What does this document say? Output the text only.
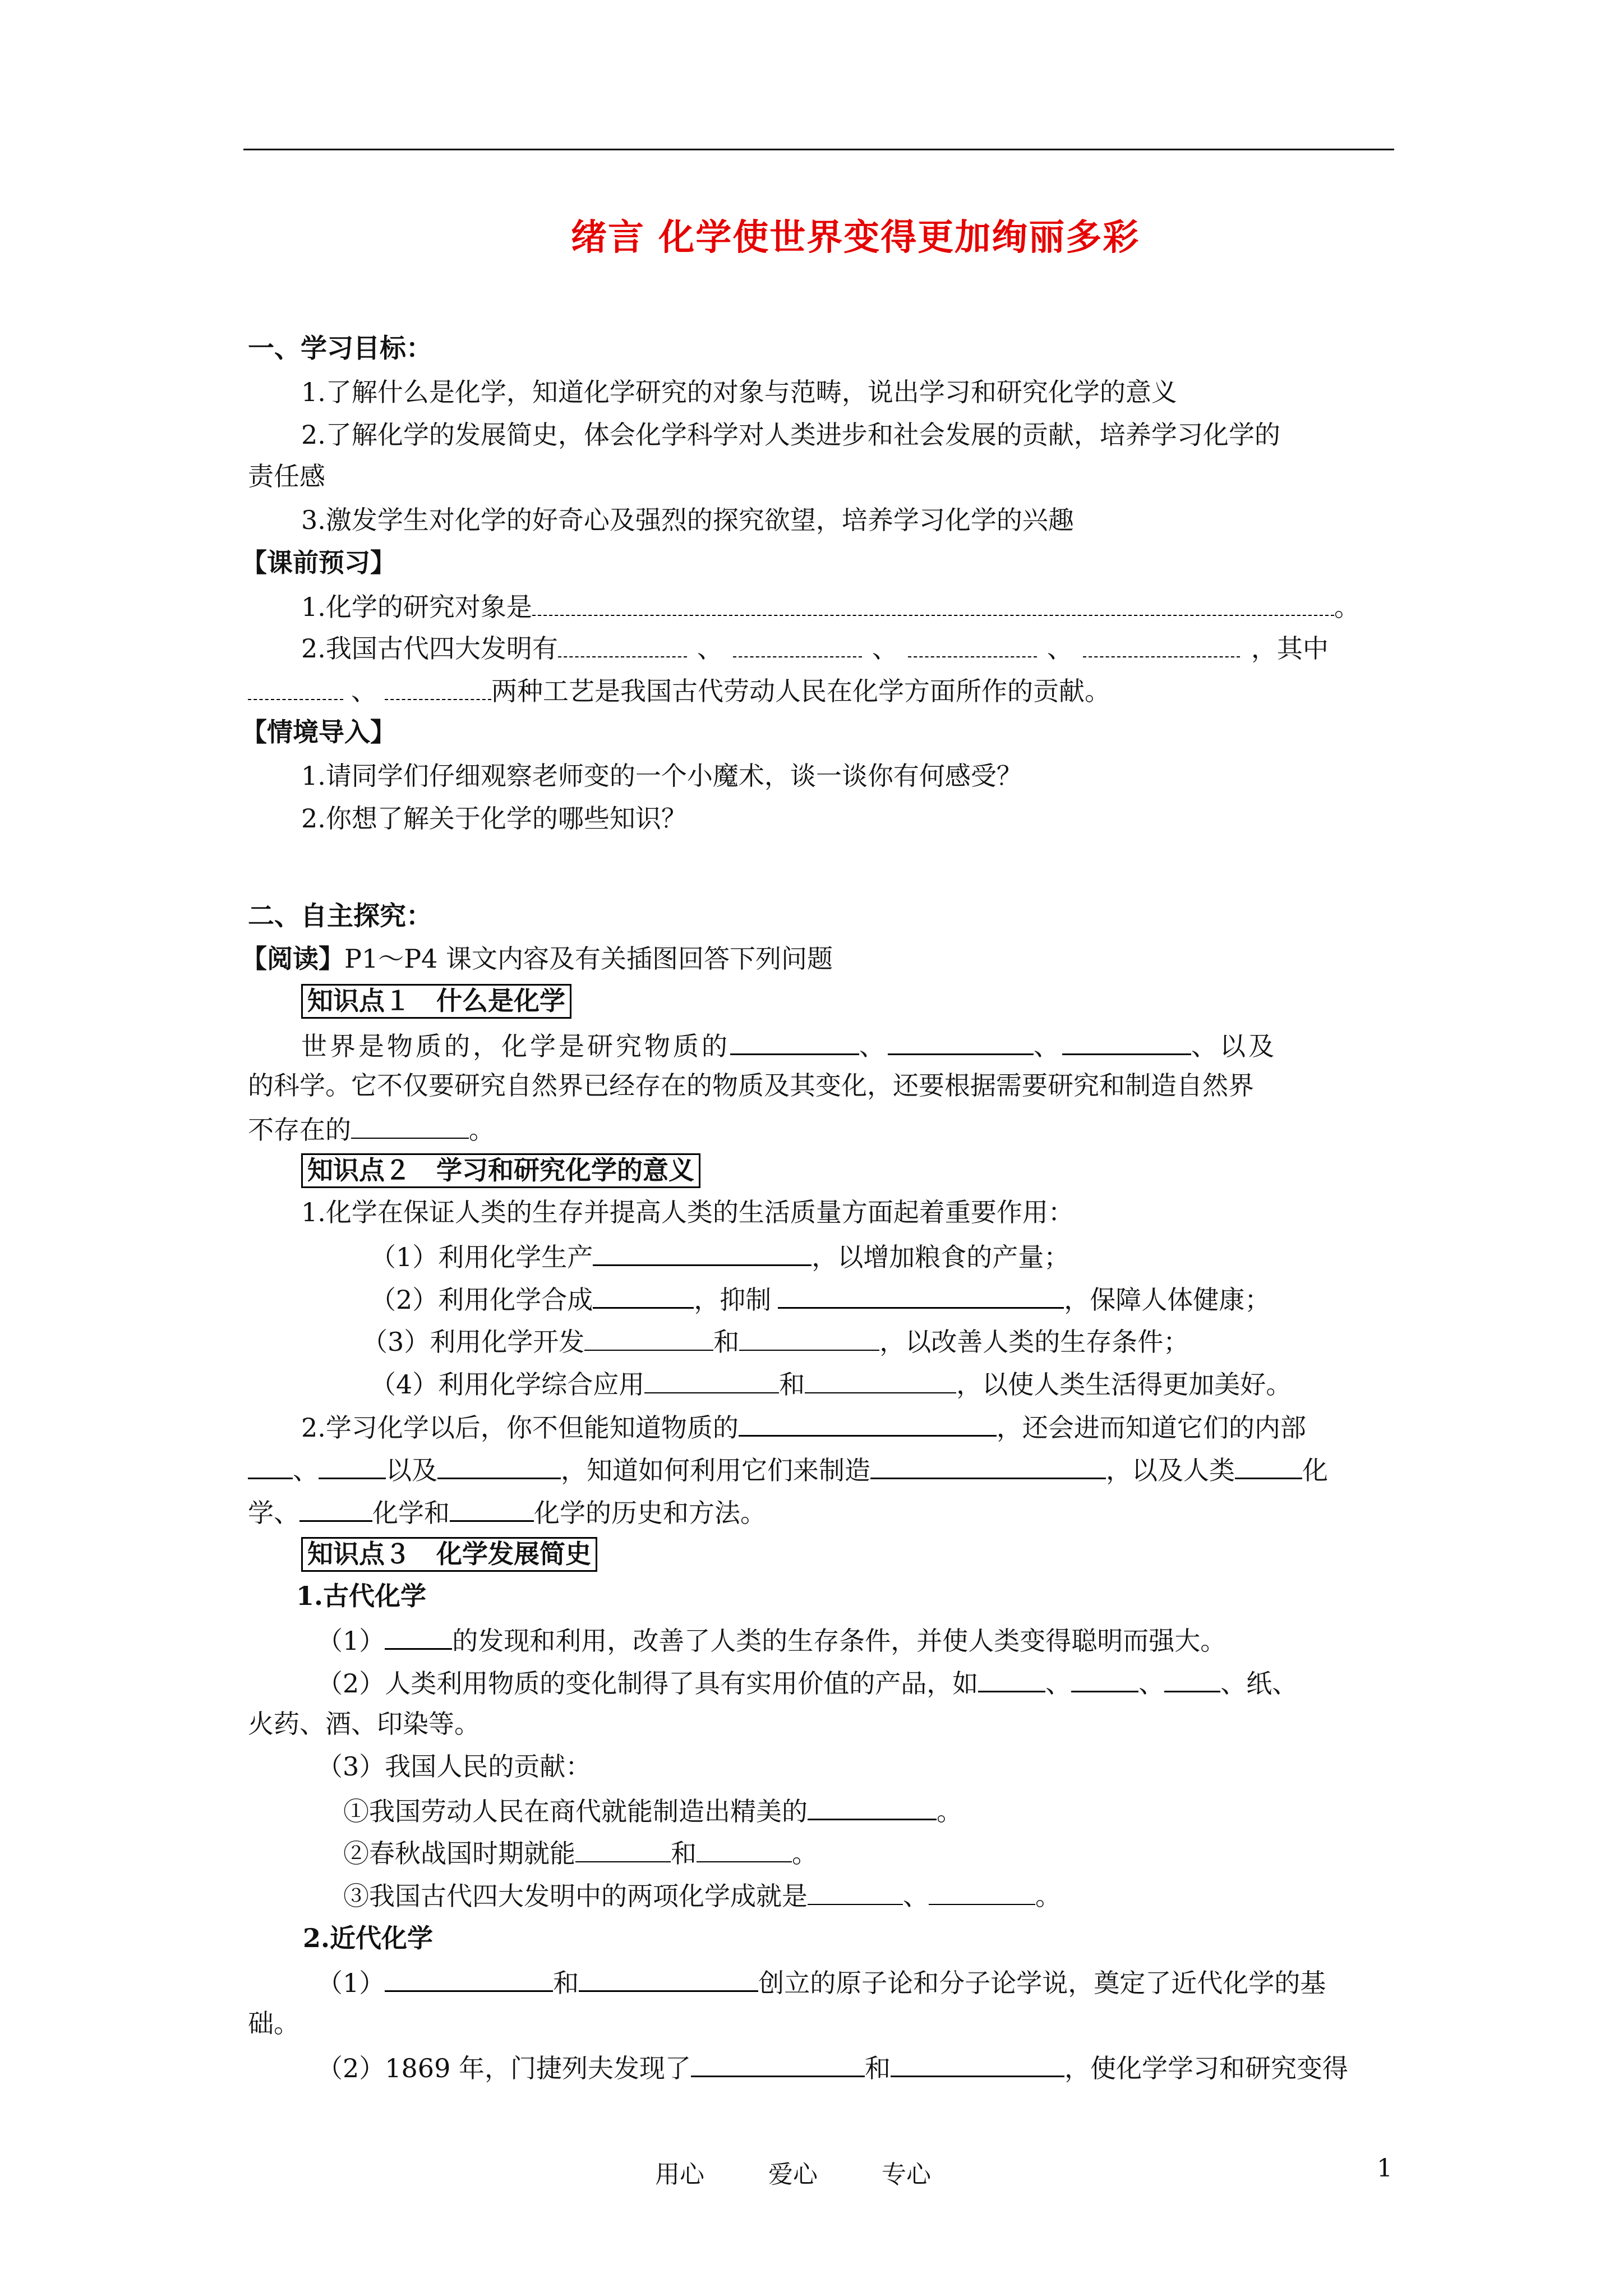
绪言 化学使世界变得更加绚丽多彩
一、学习目标：
1.了解什么是化学，知道化学研究的对象与范畴，说出学习和研究化学的意义
2.了解化学的发展简史，体会化学科学对人类进步和社会发展的贡献，培养学习化学的
责任感
3.激发学生对化学的好奇心及强烈的探究欲望，培养学习化学的兴趣
【课前预习】
1.化学的研究对象是	。
2.我国古代四大发明有	、	、	、	，其中
、	两种工艺是我国古代劳动人民在化学方面所作的贡献。
【情境导入】
1.请同学们仔细观察老师变的一个小魔术，谈一谈你有何感受？
2.你想了解关于化学的哪些知识？
二、自主探究：
【阅读】P1～P4 课文内容及有关插图回答下列问题
知识点１　什么是化学
世界是物质的，化学是研究物质的	、	、	、以及
的科学。它不仅要研究自然界已经存在的物质及其变化，还要根据需要研究和制造自然界
不存在的	。
知识点２　学习和研究化学的意义
1.化学在保证人类的生存并提高人类的生活质量方面起着重要作用：
（1）利用化学生产	，以增加粮食的产量；
（2）利用化学合成	，抑制	，保障人体健康；
（3）利用化学开发	和	，以改善人类的生存条件；
（4）利用化学综合应用	和	，以使人类生活得更加美好。
2.学习化学以后，你不但能知道物质的	，还会进而知道它们的内部
、	以及	，知道如何利用它们来制造	，以及人类	化
学、	化学和	化学的历史和方法。
知识点３　化学发展简史
1.古代化学
（1）	的发现和利用，改善了人类的生存条件，并使人类变得聪明而强大。
（2）人类利用物质的变化制得了具有实用价值的产品，如	、	、 、纸、
火药、酒、印染等。
（3）我国人民的贡献：
①我国劳动人民在商代就能制造出精美的	。
②春秋战国时期就能	和	。
③我国古代四大发明中的两项化学成就是	、	。
2.近代化学
（1）	和	创立的原子论和分子论学说，奠定了近代化学的基
础。
（2）1869 年，门捷列夫发现了	和	，使化学学习和研究变得
用心	爱心	专心	1
